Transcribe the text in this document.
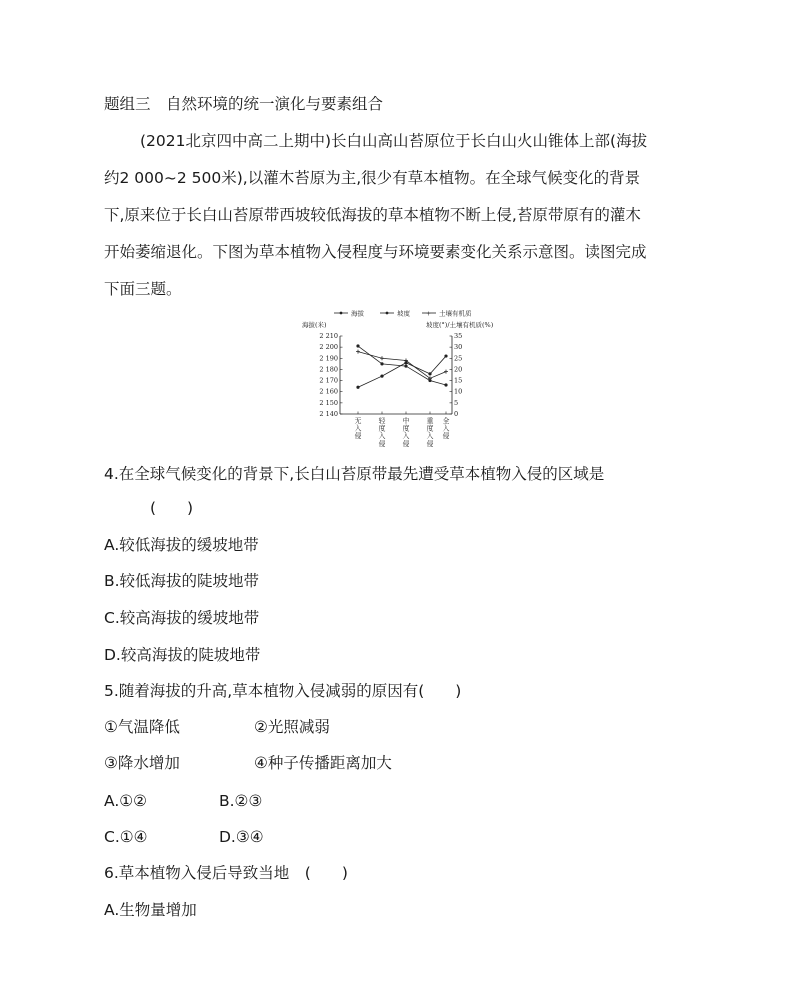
题组三　自然环境的统一演化与要素组合
(2021北京四中高二上期中)长白山高山苔原位于长白山火山锥体上部(海拔
约2 000~2 500米),以灌木苔原为主,很少有草本植物。在全球气候变化的背景
下,原来位于长白山苔原带西坡较低海拔的草本植物不断上侵,苔原带原有的灌木
开始萎缩退化。下图为草本植物入侵程度与环境要素变化关系示意图。读图完成
下面三题。
海拔	坡度	+ 土壤有机质
海拔(米)	坡度(°)/土壤有机质(%)
2 210
2 200
2 190
2 180
2 170
2 160
2 150
2 140
35
30
25
20
15
10
5
0
无入侵
轻度入侵
中度入侵
重度入侵
全入侵
4.在全球气候变化的背景下,长白山苔原带最先遭受草本植物入侵的区域是
(　　)
A.较低海拔的缓坡地带
B.较低海拔的陡坡地带
C.较高海拔的缓坡地带
D.较高海拔的陡坡地带
5.随着海拔的升高,草本植物入侵减弱的原因有(　　)
①气温降低	②光照减弱
③降水增加	④种子传播距离加大
A.①②	B.②③
C.①④	D.③④
6.草本植物入侵后导致当地　(　　)
A.生物量增加
